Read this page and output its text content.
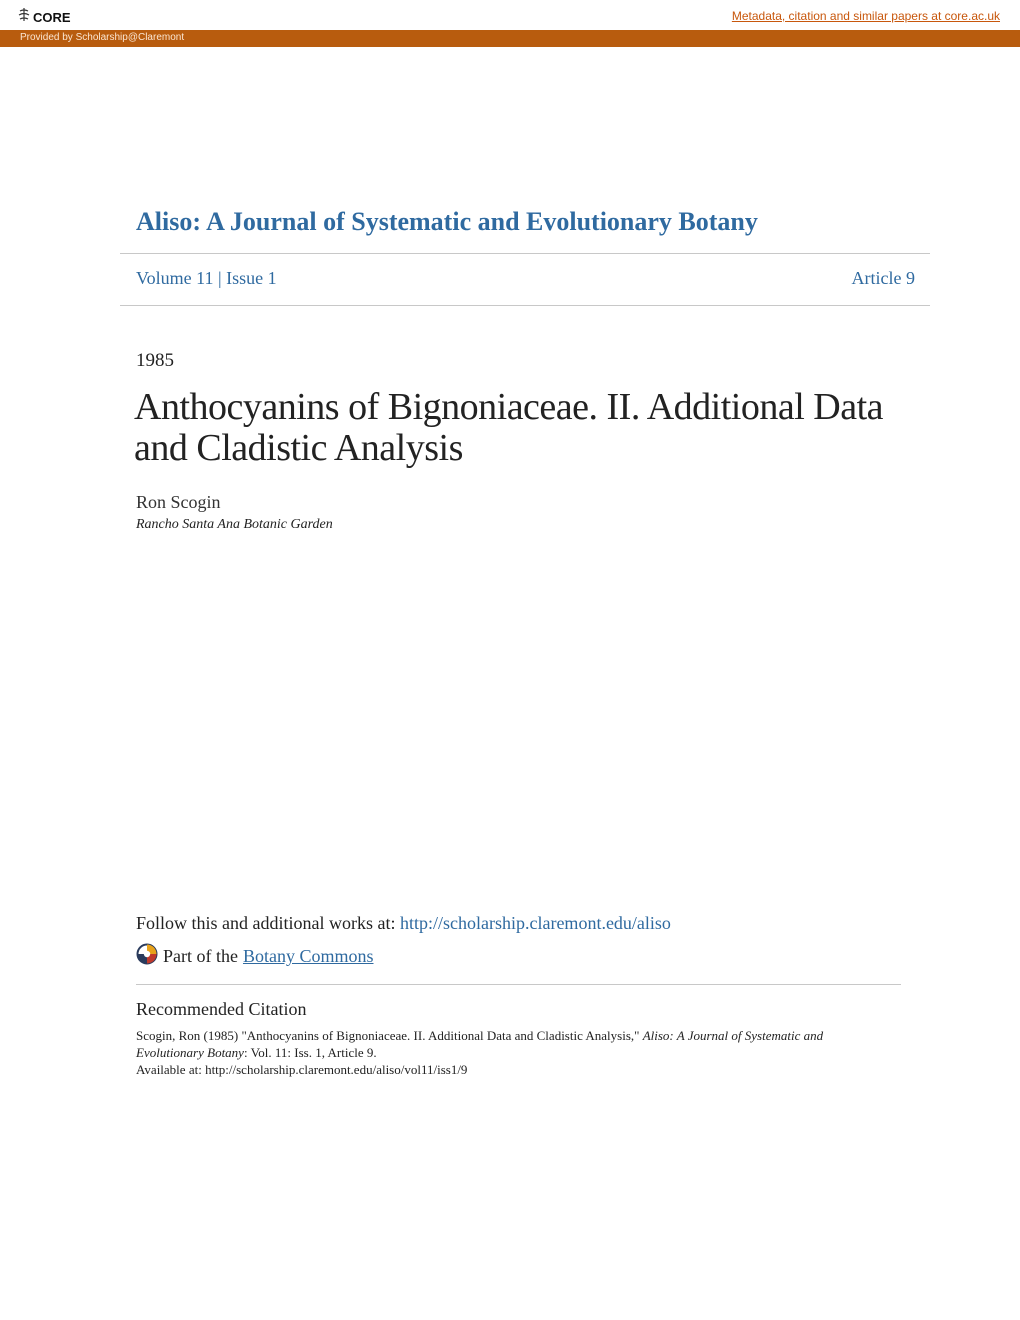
CORE	Metadata, citation and similar papers at core.ac.uk
Provided by Scholarship@Claremont
Aliso: A Journal of Systematic and Evolutionary Botany
Volume 11 | Issue 1	Article 9
1985
Anthocyanins of Bignoniaceae. II. Additional Data and Cladistic Analysis
Ron Scogin
Rancho Santa Ana Botanic Garden
Follow this and additional works at: http://scholarship.claremont.edu/aliso
Part of the Botany Commons
Recommended Citation
Scogin, Ron (1985) "Anthocyanins of Bignoniaceae. II. Additional Data and Cladistic Analysis," Aliso: A Journal of Systematic and Evolutionary Botany: Vol. 11: Iss. 1, Article 9.
Available at: http://scholarship.claremont.edu/aliso/vol11/iss1/9
